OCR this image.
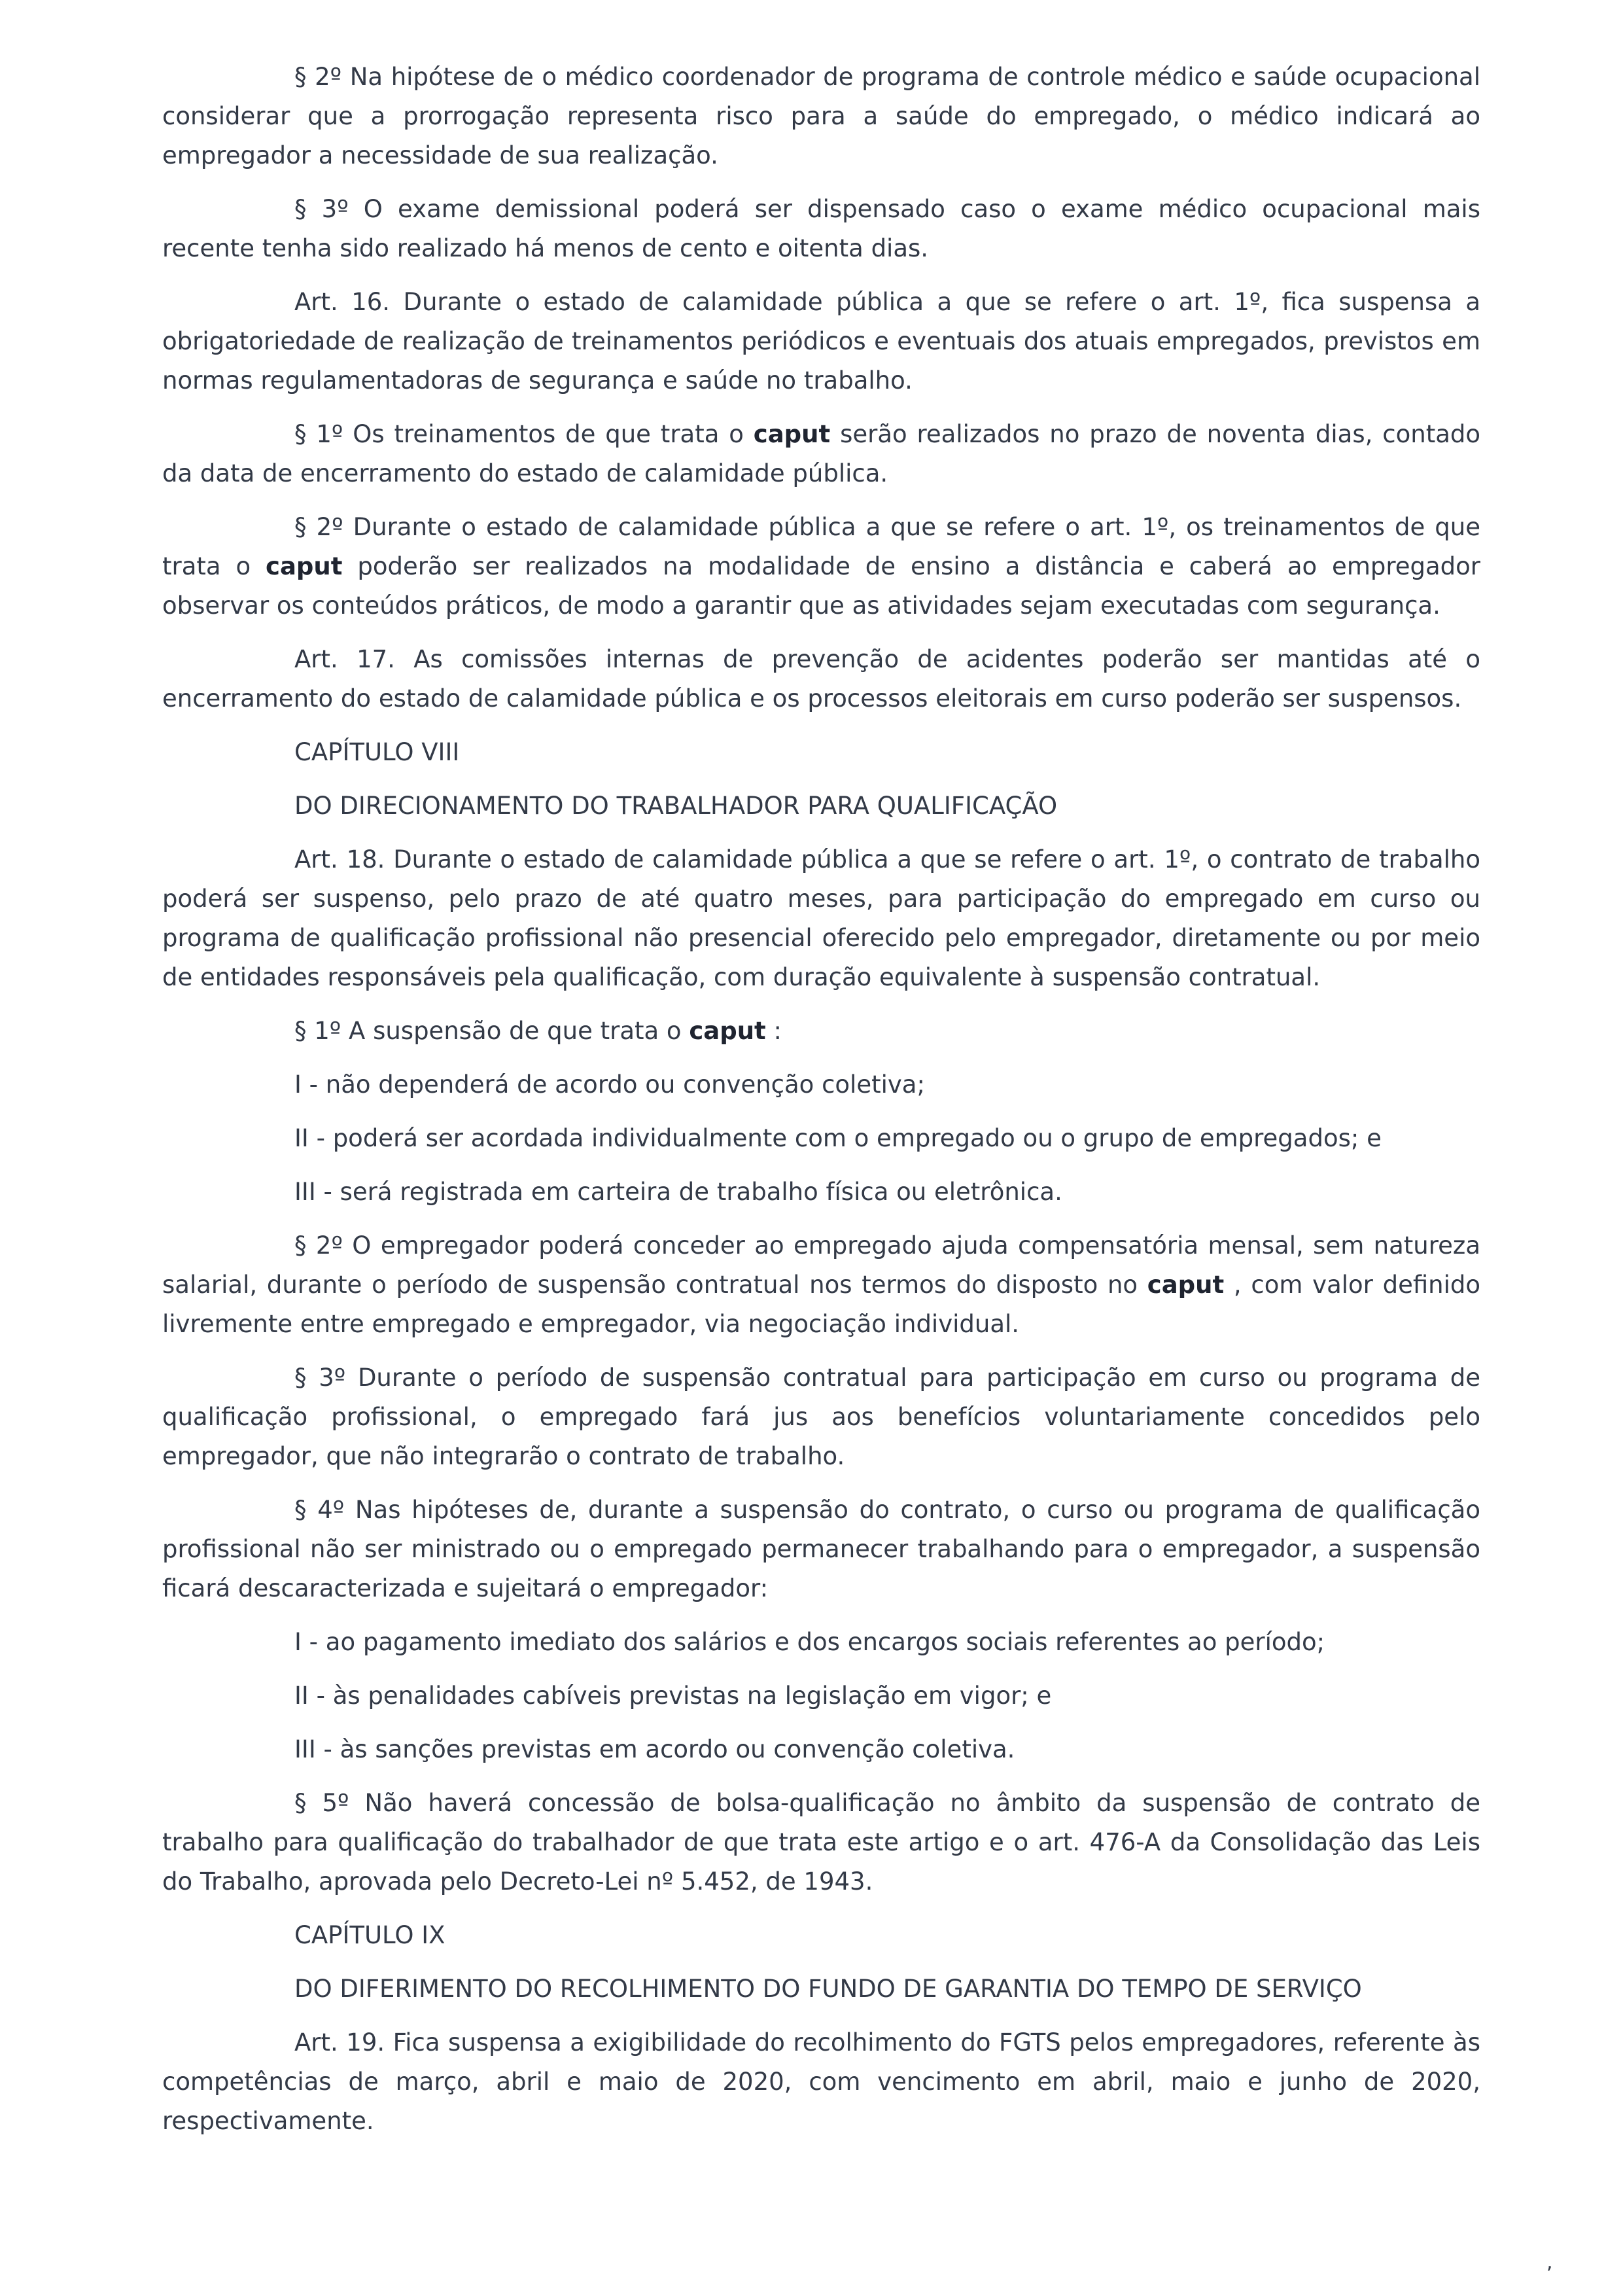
§ 2º Na hipótese de o médico coordenador de programa de controle médico e saúde ocupacional considerar que a prorrogação representa risco para a saúde do empregado, o médico indicará ao empregador a necessidade de sua realização.

§ 3º O exame demissional poderá ser dispensado caso o exame médico ocupacional mais recente tenha sido realizado há menos de cento e oitenta dias.

Art. 16. Durante o estado de calamidade pública a que se refere o art. 1º, fica suspensa a obrigatoriedade de realização de treinamentos periódicos e eventuais dos atuais empregados, previstos em normas regulamentadoras de segurança e saúde no trabalho.

§ 1º Os treinamentos de que trata o caput serão realizados no prazo de noventa dias, contado da data de encerramento do estado de calamidade pública.

§ 2º Durante o estado de calamidade pública a que se refere o art. 1º, os treinamentos de que trata o caput poderão ser realizados na modalidade de ensino a distância e caberá ao empregador observar os conteúdos práticos, de modo a garantir que as atividades sejam executadas com segurança.

Art. 17. As comissões internas de prevenção de acidentes poderão ser mantidas até o encerramento do estado de calamidade pública e os processos eleitorais em curso poderão ser suspensos.

CAPÍTULO VIII

DO DIRECIONAMENTO DO TRABALHADOR PARA QUALIFICAÇÃO

Art. 18. Durante o estado de calamidade pública a que se refere o art. 1º, o contrato de trabalho poderá ser suspenso, pelo prazo de até quatro meses, para participação do empregado em curso ou programa de qualificação profissional não presencial oferecido pelo empregador, diretamente ou por meio de entidades responsáveis pela qualificação, com duração equivalente à suspensão contratual.

§ 1º A suspensão de que trata o caput :

I - não dependerá de acordo ou convenção coletiva;

II - poderá ser acordada individualmente com o empregado ou o grupo de empregados; e

III - será registrada em carteira de trabalho física ou eletrônica.

§ 2º O empregador poderá conceder ao empregado ajuda compensatória mensal, sem natureza salarial, durante o período de suspensão contratual nos termos do disposto no caput , com valor definido livremente entre empregado e empregador, via negociação individual.

§ 3º Durante o período de suspensão contratual para participação em curso ou programa de qualificação profissional, o empregado fará jus aos benefícios voluntariamente concedidos pelo empregador, que não integrarão o contrato de trabalho.

§ 4º Nas hipóteses de, durante a suspensão do contrato, o curso ou programa de qualificação profissional não ser ministrado ou o empregado permanecer trabalhando para o empregador, a suspensão ficará descaracterizada e sujeitará o empregador:

I - ao pagamento imediato dos salários e dos encargos sociais referentes ao período;

II - às penalidades cabíveis previstas na legislação em vigor; e

III - às sanções previstas em acordo ou convenção coletiva.

§ 5º Não haverá concessão de bolsa-qualificação no âmbito da suspensão de contrato de trabalho para qualificação do trabalhador de que trata este artigo e o art. 476-A da Consolidação das Leis do Trabalho, aprovada pelo Decreto-Lei nº 5.452, de 1943.

CAPÍTULO IX

DO DIFERIMENTO DO RECOLHIMENTO DO FUNDO DE GARANTIA DO TEMPO DE SERVIÇO

Art. 19. Fica suspensa a exigibilidade do recolhimento do FGTS pelos empregadores, referente às competências de março, abril e maio de 2020, com vencimento em abril, maio e junho de 2020, respectivamente.

,
